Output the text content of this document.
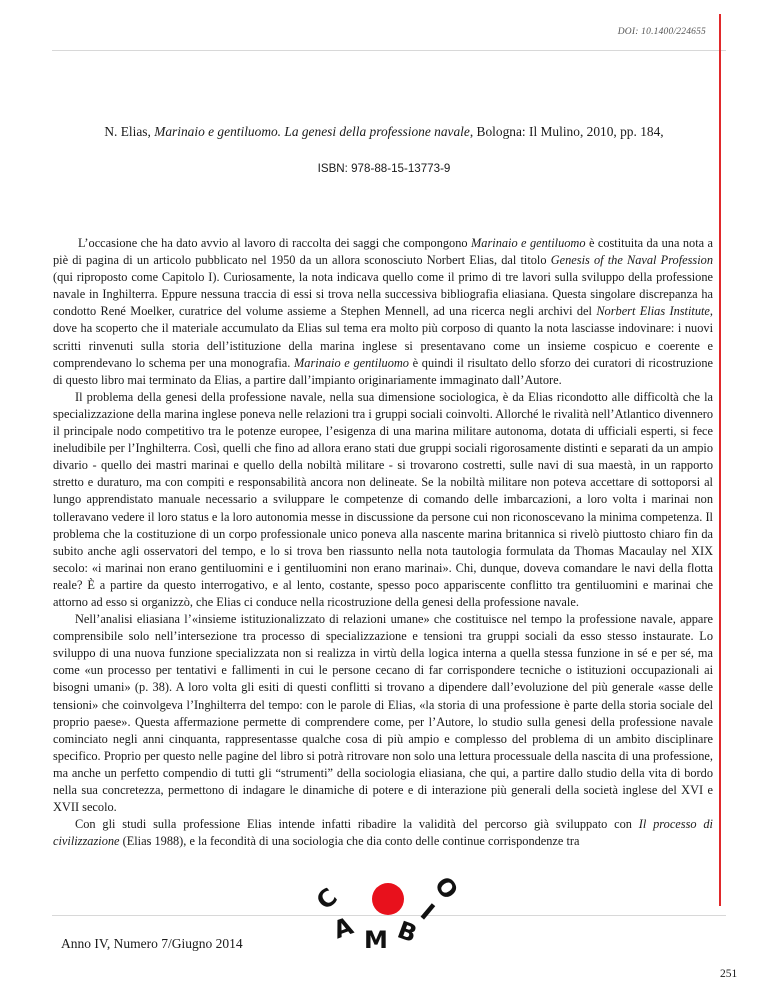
DOI: 10.1400/224655
N. Elias, Marinaio e gentiluomo. La genesi della professione navale, Bologna: Il Mulino, 2010, pp. 184,
ISBN: 978-88-15-13773-9

L’occasione che ha dato avvio al lavoro di raccolta dei saggi che compongono Marinaio e gentiluomo è costituita da una nota a piè di pagina di un articolo pubblicato nel 1950 da un allora sconosciuto Norbert Elias, dal titolo Genesis of the Naval Profession (qui riproposto come Capitolo I). Curiosamente, la nota indicava quello come il primo di tre lavori sulla sviluppo della professione navale in Inghilterra. Eppure nessuna traccia di essi si trova nella successiva bibliografia eliasiana. Questa singolare discrepanza ha condotto René Moelker, curatrice del volume assieme a Stephen Mennell, ad una ricerca negli archivi del Norbert Elias Institute, dove ha scoperto che il materiale accumulato da Elias sul tema era molto più corposo di quanto la nota lasciasse indovinare: i nuovi scritti rinvenuti sulla storia dell’istituzione della marina inglese si presentavano come un insieme cospicuo e coerente e comprendevano lo schema per una monografia. Marinaio e gentiluomo è quindi il risultato dello sforzo dei curatori di ricostruzione di questo libro mai terminato da Elias, a partire dall’impianto originariamente immaginato dall’Autore.

Il problema della genesi della professione navale, nella sua dimensione sociologica, è da Elias ricondotto alle difficoltà che la specializzazione della marina inglese poneva nelle relazioni tra i gruppi sociali coinvolti. Allorché le rivalità nell’Atlantico divennero il principale nodo competitivo tra le potenze europee, l’esigenza di una marina militare autonoma, dotata di ufficiali esperti, si fece ineludibile per l’Inghilterra. Così, quelli che fino ad allora erano stati due gruppi sociali rigorosamente distinti e separati da un ampio divario - quello dei mastri marinai e quello della nobiltà militare - si trovarono costretti, sulle navi di sua maestà, in un rapporto stretto e duraturo, ma con compiti e responsabilità ancora non delineate. Se la nobiltà militare non poteva accettare di sottoporsi al lungo apprendistato manuale necessario a sviluppare le competenze di comando delle imbarcazioni, a loro volta i marinai non tolleravano vedere il loro status e la loro autonomia messe in discussione da persone cui non riconoscevano la minima competenza. Il problema che la costituzione di un corpo professionale unico poneva alla nascente marina britannica si rivelò piuttosto chiaro fin da subito anche agli osservatori del tempo, e lo si trova ben riassunto nella nota tautologia formulata da Thomas Macaulay nel XIX secolo: «i marinai non erano gentiluomini e i gentiluomini non erano marinai». Chi, dunque, doveva comandare le navi della flotta reale? È a partire da questo interrogativo, e al lento, costante, spesso poco appariscente conflitto tra gentiluomini e marinai che attorno ad esso si organizzò, che Elias ci conduce nella ricostruzione della genesi della professione navale.

Nell’analisi eliasiana l’«insieme istituzionalizzato di relazioni umane» che costituisce nel tempo la professione navale, appare comprensibile solo nell’intersezione tra processo di specializzazione e tensioni tra gruppi sociali da esso stesso instaurate. Lo sviluppo di una nuova funzione specializzata non si realizza in virtù della logica interna a quella stessa funzione in sé e per sé, ma come «un processo per tentativi e fallimenti in cui le persone cecano di far corrispondere tecniche o istituzioni occupazionali ai bisogni umani» (p. 38). A loro volta gli esiti di questi conflitti si trovano a dipendere dall’evoluzione del più generale «asse delle tensioni» che coinvolgeva l’Inghilterra del tempo: con le parole di Elias, «la storia di una professione è parte della storia sociale del proprio paese». Questa affermazione permette di comprendere come, per l’Autore, lo studio sulla genesi della professione navale cominciato negli anni cinquanta, rappresentasse qualche cosa di più ampio e complesso del problema di un ambito disciplinare specifico. Proprio per questo nelle pagine del libro si potrà ritrovare non solo una lettura processuale della nascita di una professione, ma anche un perfetto compendio di tutti gli “strumenti” della sociologia eliasiana, che qui, a partire dallo studio della vita di bordo nella sua concretezza, permettono di indagare le dinamiche di potere e di interazione più generali della società inglese del XVI e XVII secolo.

Con gli studi sulla professione Elias intende infatti ribadire la validità del percorso già sviluppato con Il processo di civilizzazione (Elias 1988), e la fecondità di una sociologia che dia conto delle continue corrispondenze tra

Anno IV, Numero 7/Giugno 2014
C
A M B
I
O
251
